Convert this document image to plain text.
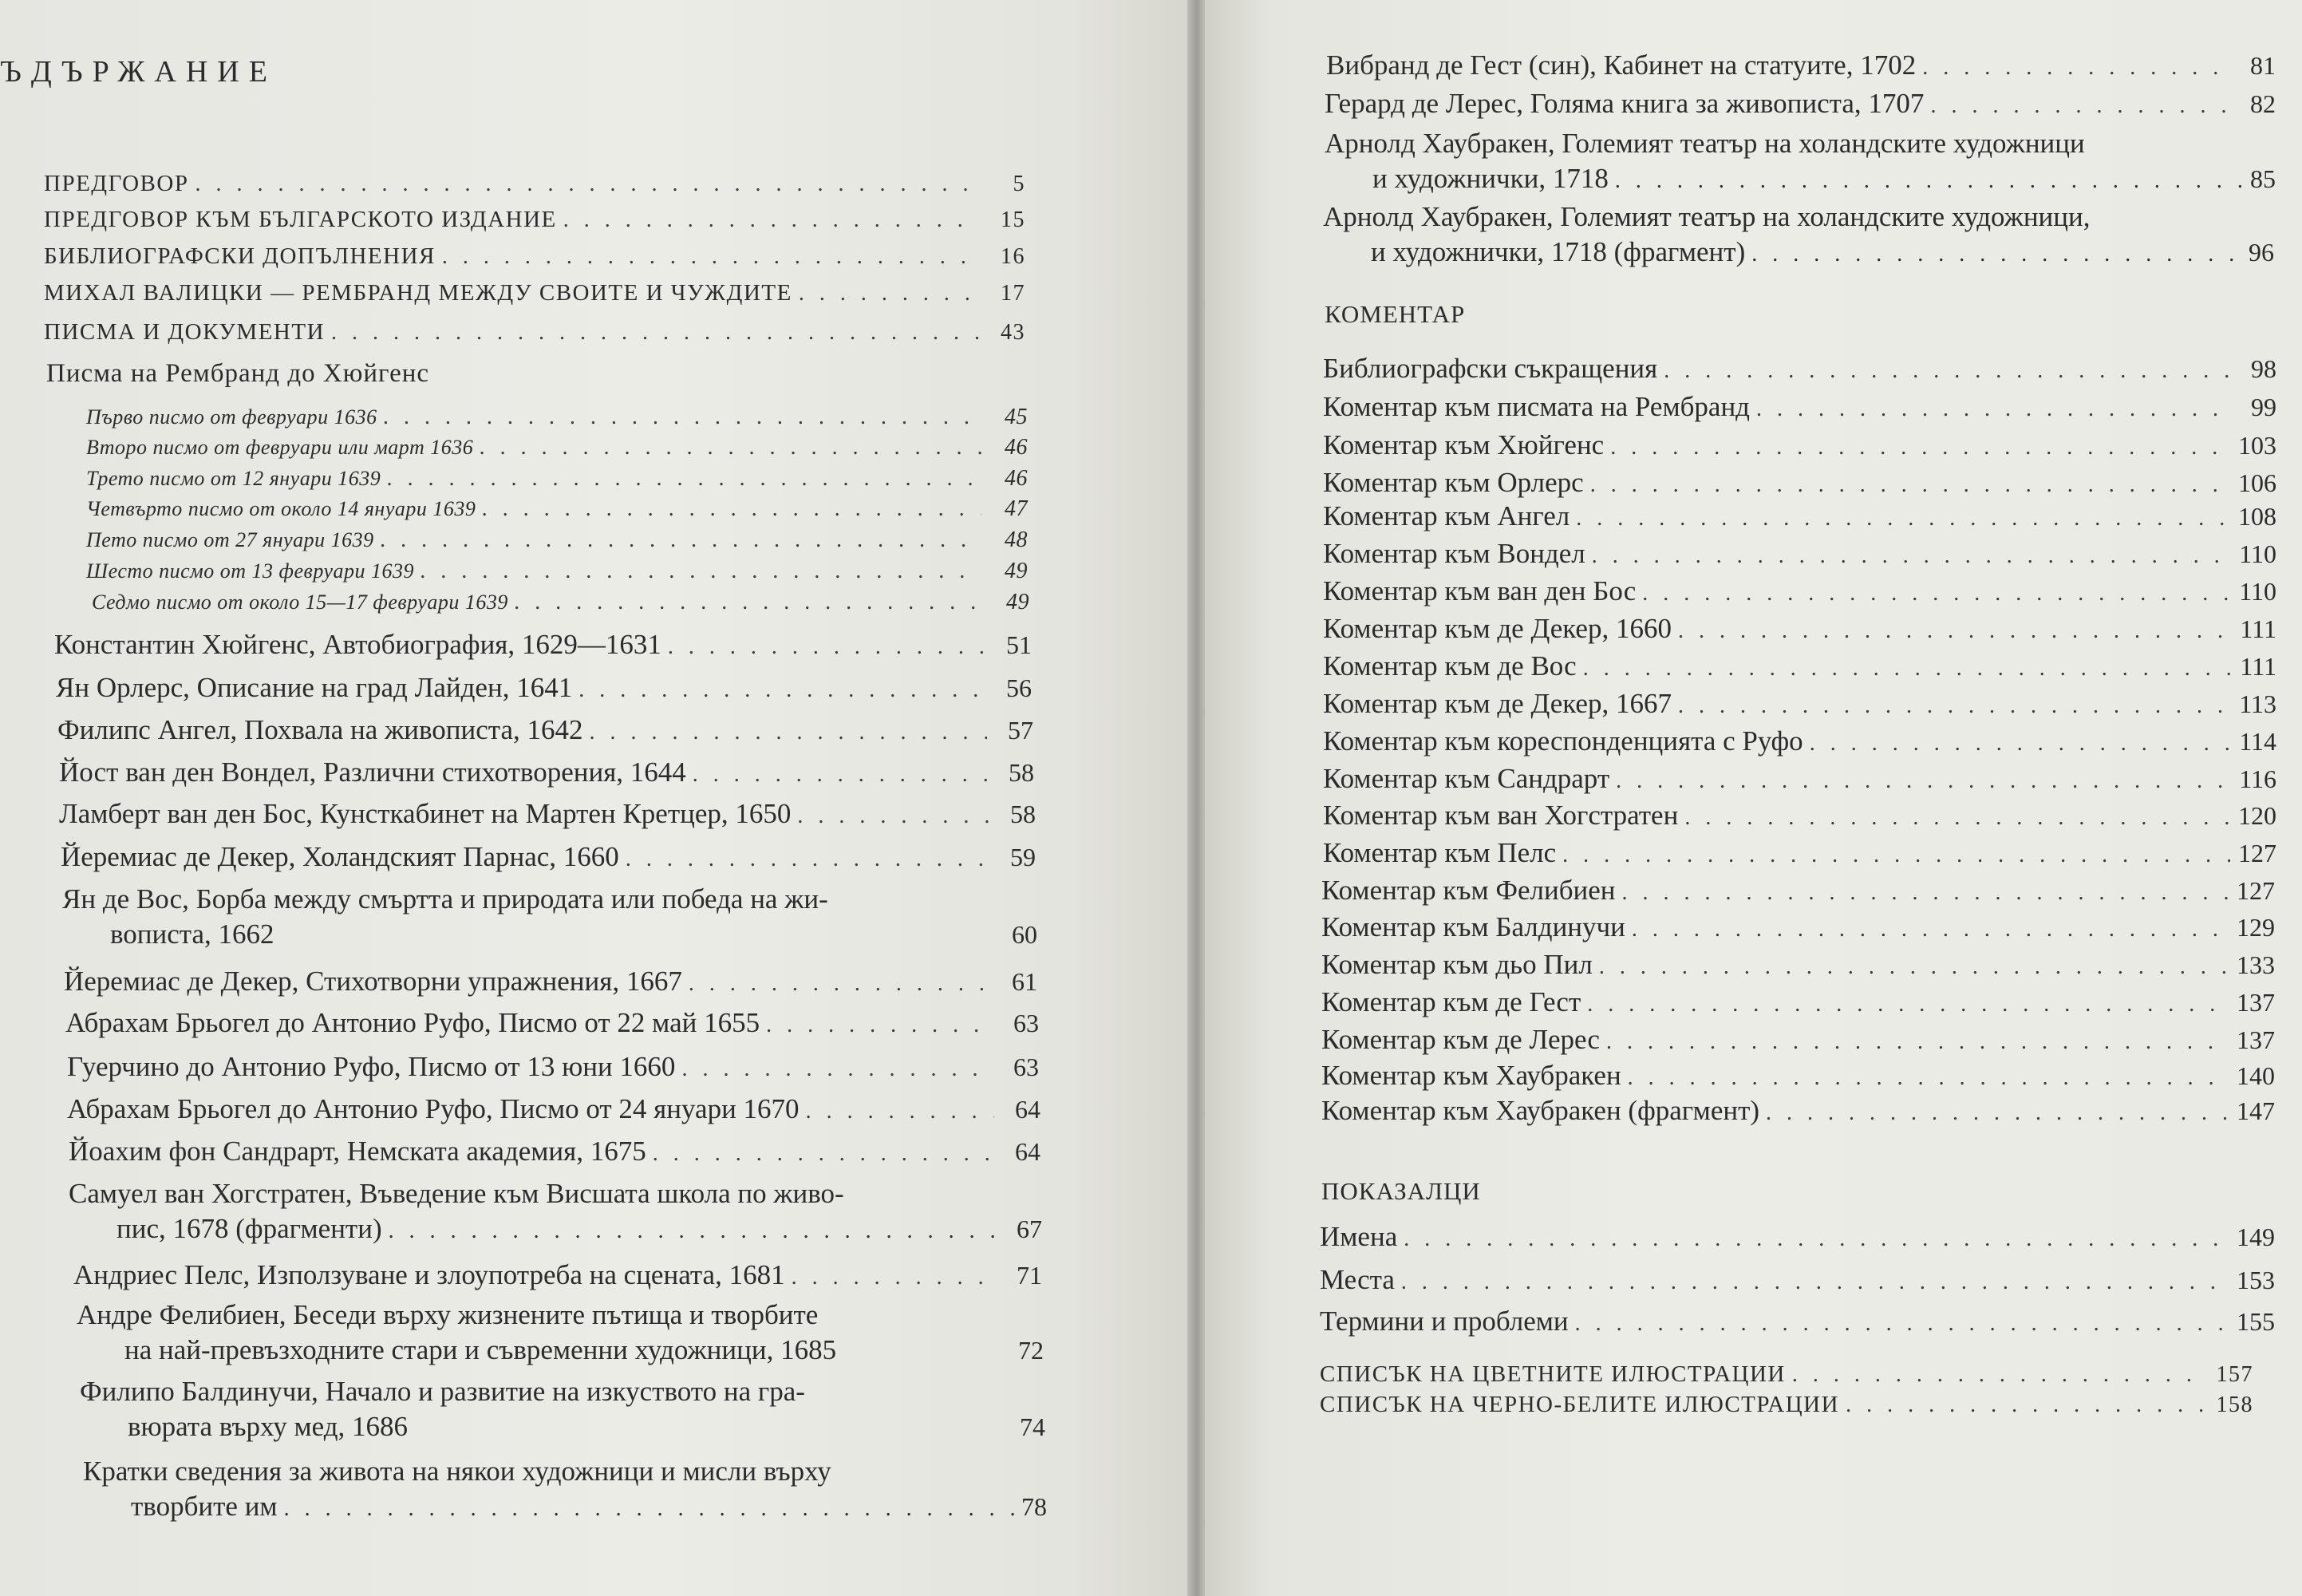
ЪДЪРЖАНИЕ
ПРЕДГОВОР . . .	5
ПРЕДГОВОР КЪМ БЪЛГАРСКОТО ИЗДАНИЕ . . .	15
БИБЛИОГРАФСКИ ДОПЪЛНЕНИЯ . . .	16
МИХАЛ ВАЛИЦКИ — РЕМБРАНД МЕЖДУ СВОИТЕ И ЧУЖДИТЕ . . .	17
ПИСМА И ДОКУМЕНТИ . . .	43
Писма на Рембранд до Хюйгенс
Първо писмо от февруари 1636 . . .	45
Второ писмо от февруари или март 1636 . . .	46
Трето писмо от 12 януари 1639 . . .	46
Четвърто писмо от около 14 януари 1639 . . .	47
Пето писмо от 27 януари 1639 . . .	48
Шесто писмо от 13 февруари 1639 . . .	49
Седмо писмо от около 15—17 февруари 1639 . . .	49
Константин Хюйгенс, Автобиография, 1629—1631 . . .	51
Ян Орлерс, Описание на град Лайден, 1641 . . .	56
Филипс Ангел, Похвала на живописта, 1642 . . .	57
Йост ван ден Вондел, Различни стихотворения, 1644 . . .	58
Ламберт ван ден Бос, Кунсткабинет на Мартен Кретцер, 1650 . . .	58
Йеремиас де Декер, Холандският Парнас, 1660 . . .	59
Ян де Вос, Борба между смъртта и природата или победа на жи-
вописта, 1662	60
Йеремиас де Декер, Стихотворни упражнения, 1667 . . .	61
Абрахам Брьогел до Антонио Руфо, Писмо от 22 май 1655 . . .	63
Гуерчино до Антонио Руфо, Писмо от 13 юни 1660 . . .	63
Абрахам Брьогел до Антонио Руфо, Писмо от 24 януари 1670 . . .	64
Йоахим фон Сандрарт, Немската академия, 1675 . . .	64
Самуел ван Хогстратен, Въведение към Висшата школа по живо-
пис, 1678 (фрагменти) . . .	67
Андриес Пелс, Използуване и злоупотреба на сцената, 1681 . . .	71
Андре Фелибиен, Беседи върху жизнените пътища и творбите
на най-превъзходните стари и съвременни художници, 1685	72
Филипо Балдинучи, Начало и развитие на изкуството на гра-
вюрата върху мед, 1686	74
Кратки сведения за живота на някои художници и мисли върху
творбите им . . .	78
Вибранд де Гест (син), Кабинет на статуите, 1702 . . .	81
Герард де Лерес, Голяма книга за живописта, 1707 . . .	82
Арнолд Хаубракен, Големият театър на холандските художници
и художнички, 1718 . . .	85
Арнолд Хаубракен, Големият театър на холандските художници,
и художнички, 1718 (фрагмент) . . .	96
КОМЕНТАР
Библиографски съкращения . . .	98
Коментар към писмата на Рембранд . . .	99
Коментар към Хюйгенс . . .	103
Коментар към Орлерс . . .	106
Коментар към Ангел . . .	108
Коментар към Вондел . . .	110
Коментар към ван ден Бос . . .	110
Коментар към де Декер, 1660 . . .	111
Коментар към де Вос . . .	111
Коментар към де Декер, 1667 . . .	113
Коментар към кореспонденцията с Руфо . . .	114
Коментар към Сандрарт . . .	116
Коментар към ван Хогстратен . . .	120
Коментар към Пелс . . .	127
Коментар към Фелибиен . . .	127
Коментар към Балдинучи . . .	129
Коментар към дьо Пил . . .	133
Коментар към де Гест . . .	137
Коментар към де Лерес . . .	137
Коментар към Хаубракен . . .	140
Коментар към Хаубракен (фрагмент) . . .	147
ПОКАЗАЛЦИ
Имена . . .	149
Места . . .	153
Термини и проблеми . . .	155
СПИСЪК НА ЦВЕТНИТЕ ИЛЮСТРАЦИИ . . .	157
СПИСЪК НА ЧЕРНО-БЕЛИТЕ ИЛЮСТРАЦИИ . . .	158
